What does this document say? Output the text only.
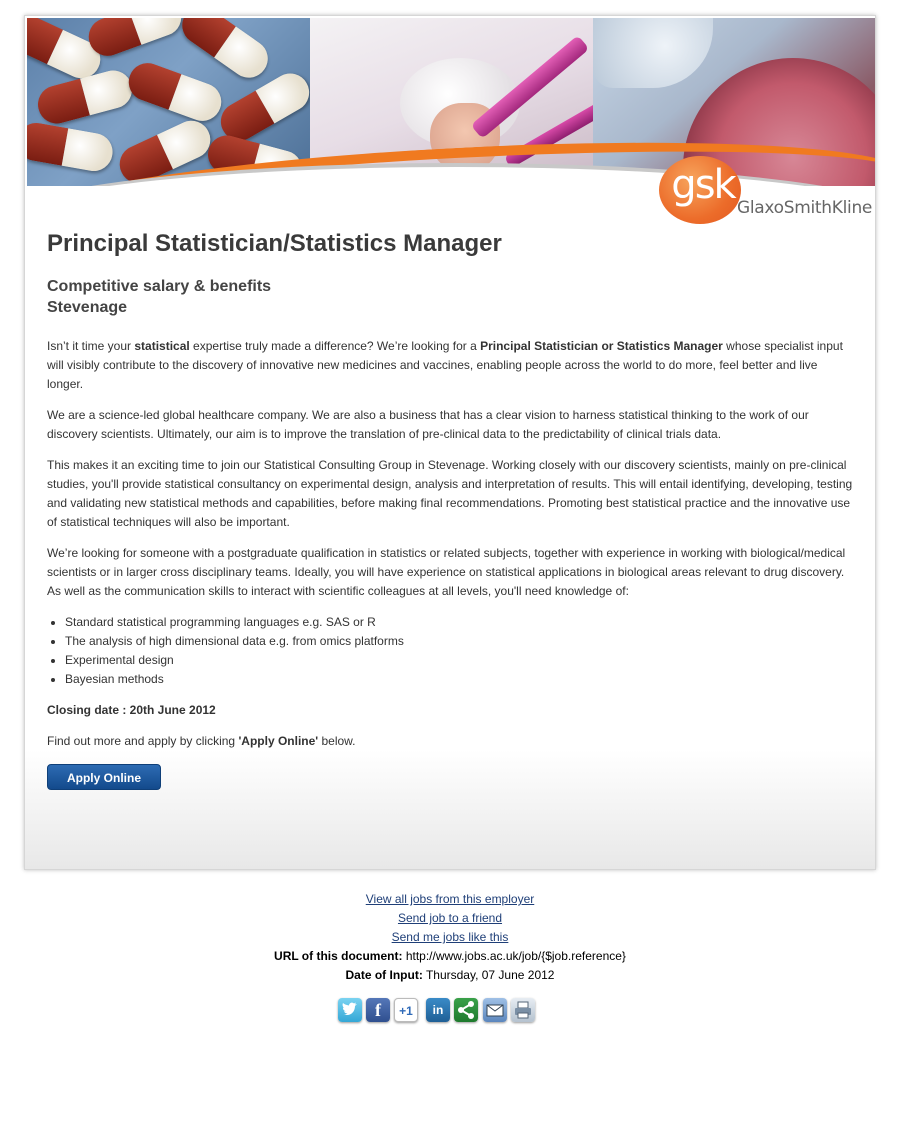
gsk GlaxoSmithKline
Principal Statistician/Statistics Manager
Competitive salary & benefits
Stevenage

Isn’t it time your statistical expertise truly made a difference? We’re looking for a Principal Statistician or Statistics Manager whose specialist input will visibly contribute to the discovery of innovative new medicines and vaccines, enabling people across the world to do more, feel better and live longer.

We are a science-led global healthcare company. We are also a business that has a clear vision to harness statistical thinking to the work of our discovery scientists. Ultimately, our aim is to improve the translation of pre-clinical data to the predictability of clinical trials data.

This makes it an exciting time to join our Statistical Consulting Group in Stevenage. Working closely with our discovery scientists, mainly on pre-clinical studies, you'll provide statistical consultancy on experimental design, analysis and interpretation of results. This will entail identifying, developing, testing and validating new statistical methods and capabilities, before making final recommendations. Promoting best statistical practice and the innovative use of statistical techniques will also be important.

We’re looking for someone with a postgraduate qualification in statistics or related subjects, together with experience in working with biological/medical scientists or in larger cross disciplinary teams. Ideally, you will have experience on statistical applications in biological areas relevant to drug discovery. As well as the communication skills to interact with scientific colleagues at all levels, you'll need knowledge of:

• Standard statistical programming languages e.g. SAS or R
• The analysis of high dimensional data e.g. from omics platforms
• Experimental design
• Bayesian methods

Closing date : 20th June 2012

Find out more and apply by clicking 'Apply Online' below.

Apply Online
View all jobs from this employer
Send job to a friend
Send me jobs like this
URL of this document: http://www.jobs.ac.uk/job/{$job.reference}
Date of Input: Thursday, 07 June 2012
f	+1	in
